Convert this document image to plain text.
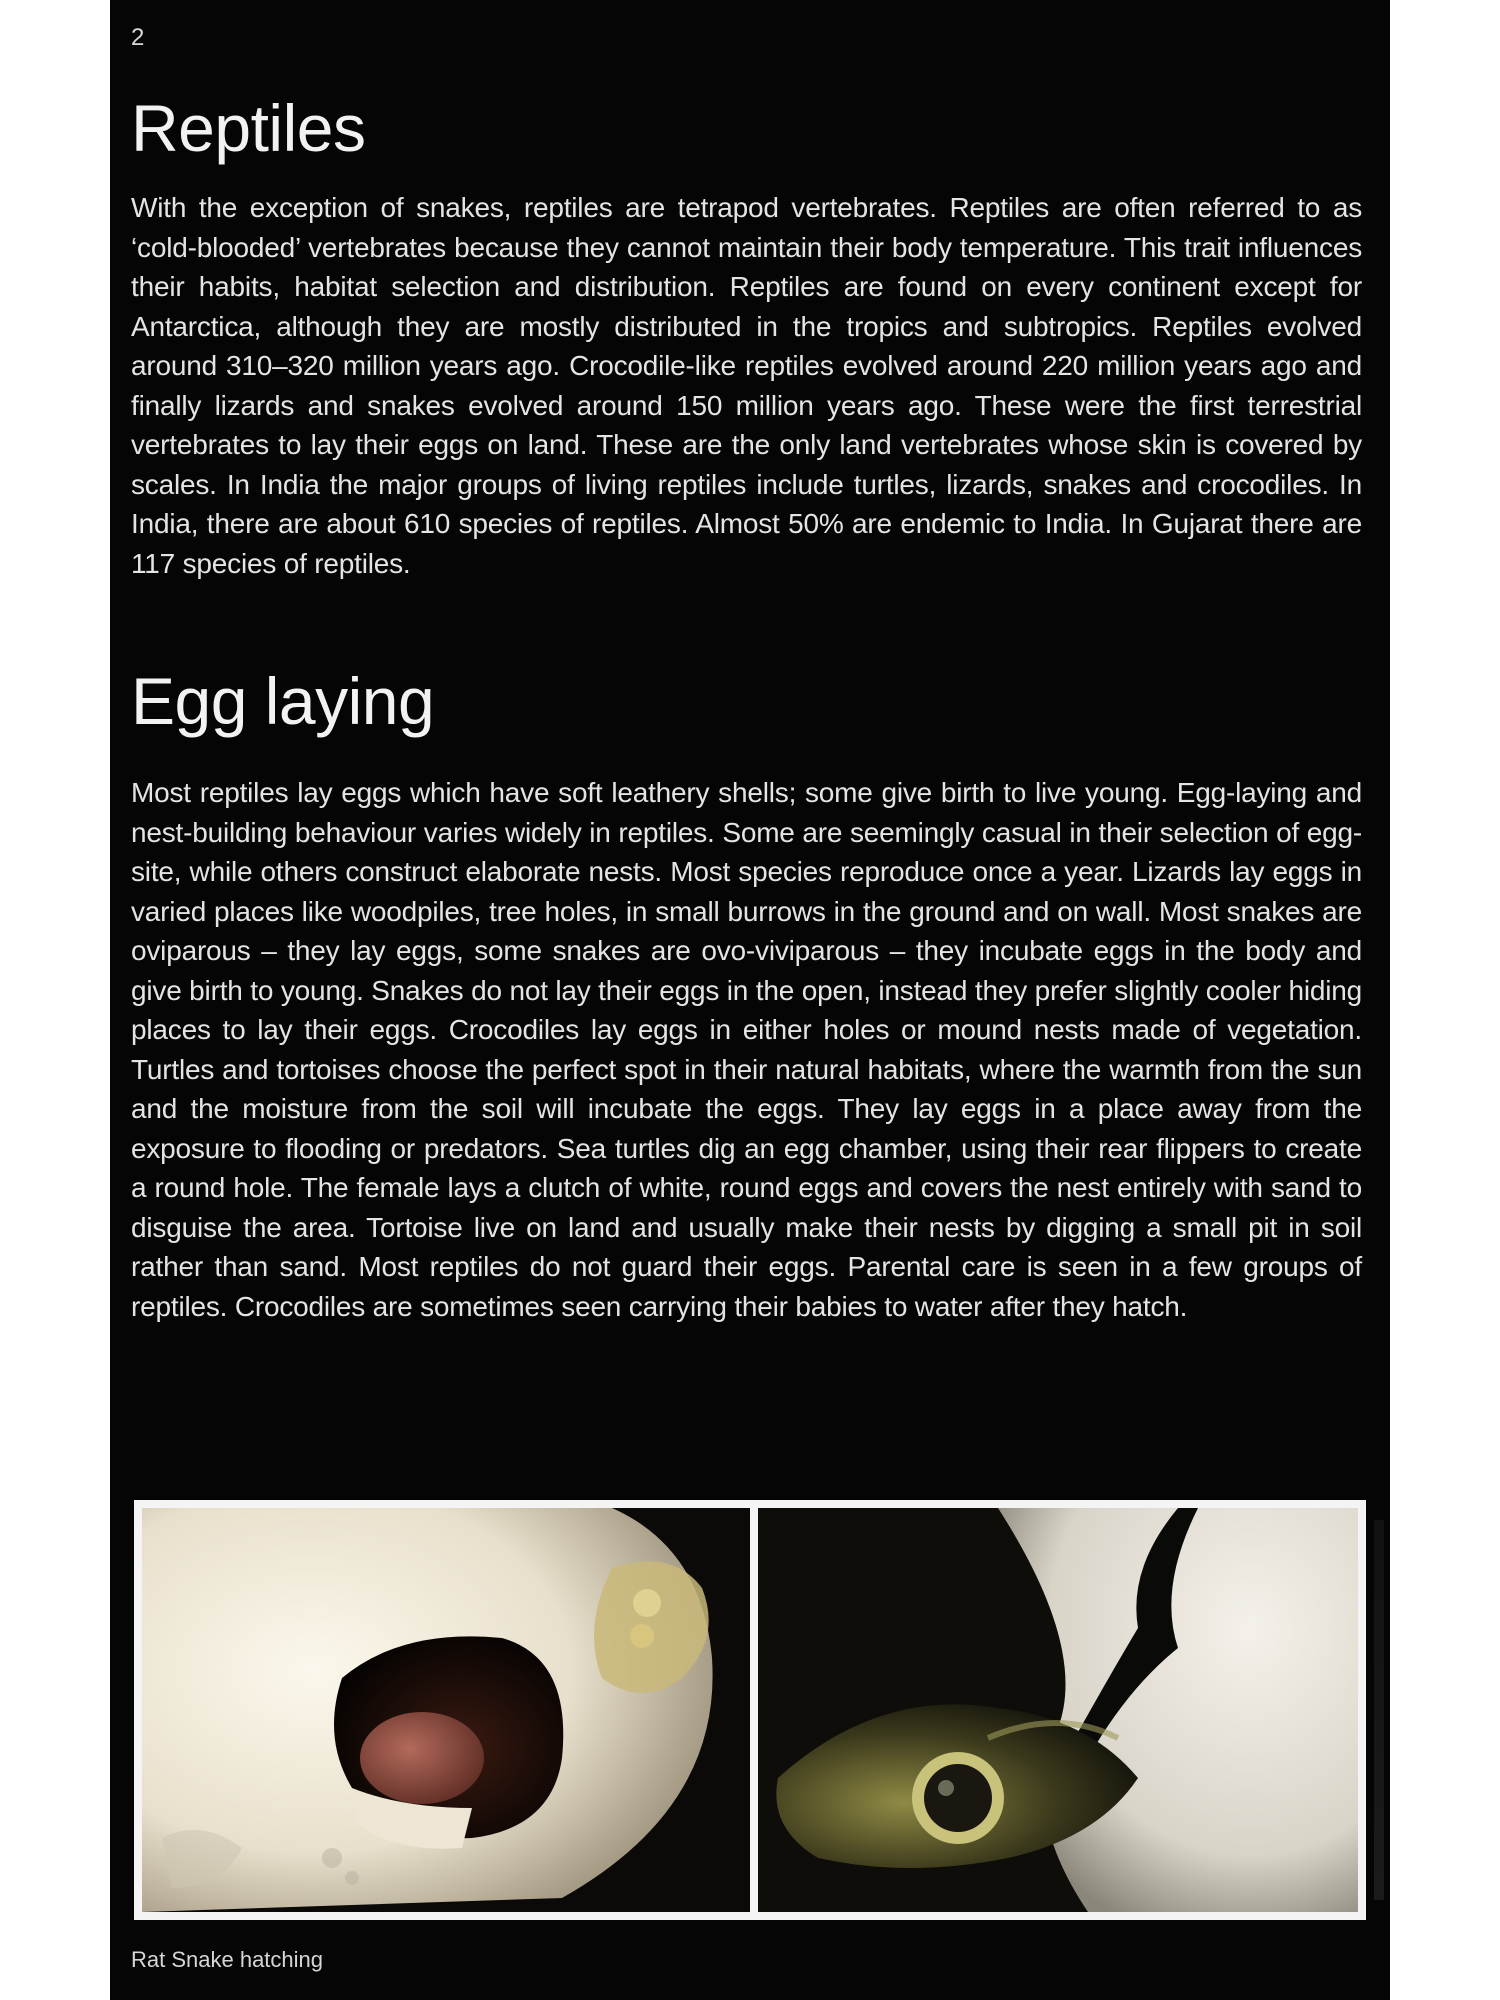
2
Reptiles

With the exception of snakes, reptiles are tetrapod vertebrates. Reptiles are often referred to as ‘cold-blooded’ vertebrates because they cannot maintain their body temperature. This trait influences their habits, habitat selection and distribution. Reptiles are found on every continent except for Antarctica, although they are mostly distributed in the tropics and subtropics. Reptiles evolved around 310–320 million years ago. Crocodile-like reptiles evolved around 220 million years ago and finally lizards and snakes evolved around 150 million years ago. These were the first terrestrial vertebrates to lay their eggs on land. These are the only land vertebrates whose skin is covered by scales. In India the major groups of living reptiles include turtles, lizards, snakes and crocodiles. In India, there are about 610 species of reptiles. Almost 50% are endemic to India. In Gujarat there are 117 species of reptiles.

Egg laying

Most reptiles lay eggs which have soft leathery shells; some give birth to live young. Egg-laying and nest-building behaviour varies widely in reptiles. Some are seemingly casual in their selection of egg-site, while others construct elaborate nests. Most species reproduce once a year. Lizards lay eggs in varied places like woodpiles, tree holes, in small burrows in the ground and on wall. Most snakes are oviparous – they lay eggs, some snakes are ovo-viviparous – they incubate eggs in the body and give birth to young. Snakes do not lay their eggs in the open, instead they prefer slightly cooler hiding places to lay their eggs. Crocodiles lay eggs in either holes or mound nests made of vegetation. Turtles and tortoises choose the perfect spot in their natural habitats, where the warmth from the sun and the moisture from the soil will incubate the eggs. They lay eggs in a place away from the exposure to flooding or predators. Sea turtles dig an egg chamber, using their rear flippers to create a round hole. The female lays a clutch of white, round eggs and covers the nest entirely with sand to disguise the area. Tortoise live on land and usually make their nests by digging a small pit in soil rather than sand. Most reptiles do not guard their eggs. Parental care is seen in a few groups of reptiles. Crocodiles are sometimes seen carrying their babies to water after they hatch.

Rat Snake hatching
